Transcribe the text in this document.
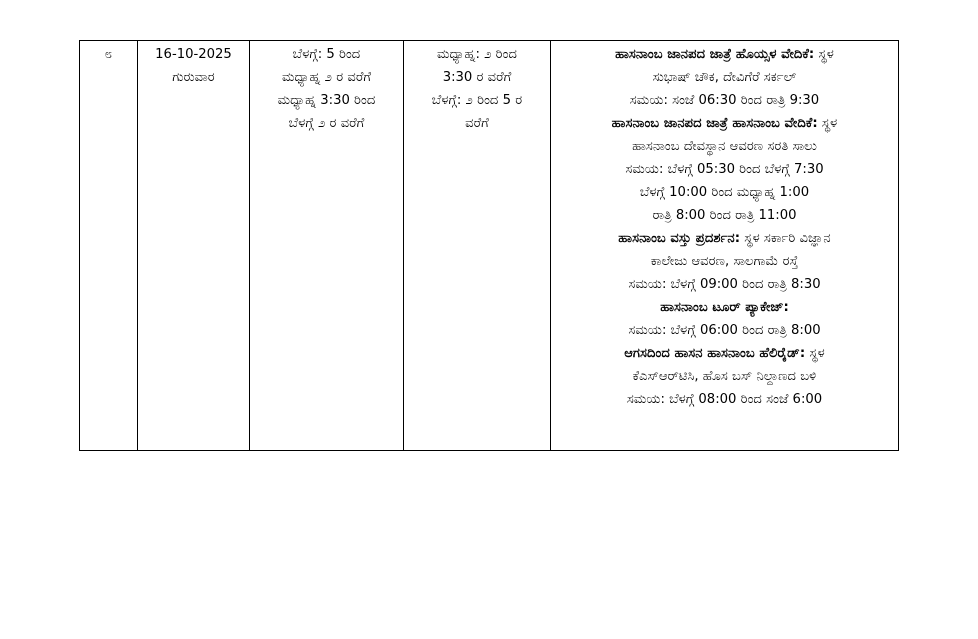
೮	16-10-2025
ಗುರುವಾರ

ಬೆಳಗ್ಗೆ: 5 ರಿಂದ
ಮಧ್ಯಾಹ್ನ ೨ ರ ವರೆಗೆ
ಮಧ್ಯಾಹ್ನ 3:30 ರಿಂದ
ಬೆಳಗ್ಗೆ ೨ ರ ವರೆಗೆ

ಮಧ್ಯಾಹ್ನ: ೨ ರಿಂದ
3:30 ರ ವರೆಗೆ
ಬೆಳಗ್ಗೆ: ೨ ರಿಂದ 5 ರ
ವರೆಗೆ

ಹಾಸನಾಂಬ ಜಾನಪದ ಜಾತ್ರೆ ಹೊಯ್ಸಳ ವೇದಿಕೆ: ಸ್ಥಳ
ಸುಭಾಷ್ ಚೌಕ, ದೇವಿಗೆರೆ ಸರ್ಕಲ್
ಸಮಯ: ಸಂಜೆ 06:30 ರಿಂದ ರಾತ್ರಿ 9:30
ಹಾಸನಾಂಬ ಜಾನಪದ ಜಾತ್ರೆ ಹಾಸನಾಂಬ ವೇದಿಕೆ: ಸ್ಥಳ
ಹಾಸನಾಂಬ ದೇವಸ್ಥಾನ ಆವರಣ ಸರತಿ ಸಾಲು
ಸಮಯ: ಬೆಳಗ್ಗೆ 05:30 ರಿಂದ ಬೆಳಗ್ಗೆ 7:30
ಬೆಳಗ್ಗೆ 10:00 ರಿಂದ ಮಧ್ಯಾಹ್ನ 1:00
ರಾತ್ರಿ 8:00 ರಿಂದ ರಾತ್ರಿ 11:00
ಹಾಸನಾಂಬ ವಸ್ತು ಪ್ರದರ್ಶನ: ಸ್ಥಳ ಸರ್ಕಾರಿ ವಿಜ್ಞಾನ
ಕಾಲೇಜು ಆವರಣ, ಸಾಲಗಾಮೆ ರಸ್ತೆ
ಸಮಯ: ಬೆಳಗ್ಗೆ 09:00 ರಿಂದ ರಾತ್ರಿ 8:30
ಹಾಸನಾಂಬ ಟೂರ್ ಪ್ಯಾಕೇಜ್:
ಸಮಯ: ಬೆಳಗ್ಗೆ 06:00 ರಿಂದ ರಾತ್ರಿ 8:00
ಆಗಸದಿಂದ ಹಾಸನ ಹಾಸನಾಂಬ ಹೆಲಿರೈಡ್: ಸ್ಥಳ
ಕೆಎಸ್‌ಆರ್‌ಟಿಸಿ, ಹೊಸ ಬಸ್ ನಿಲ್ದಾಣದ ಬಳಿ
ಸಮಯ: ಬೆಳಗ್ಗೆ 08:00 ರಿಂದ ಸಂಜೆ 6:00
